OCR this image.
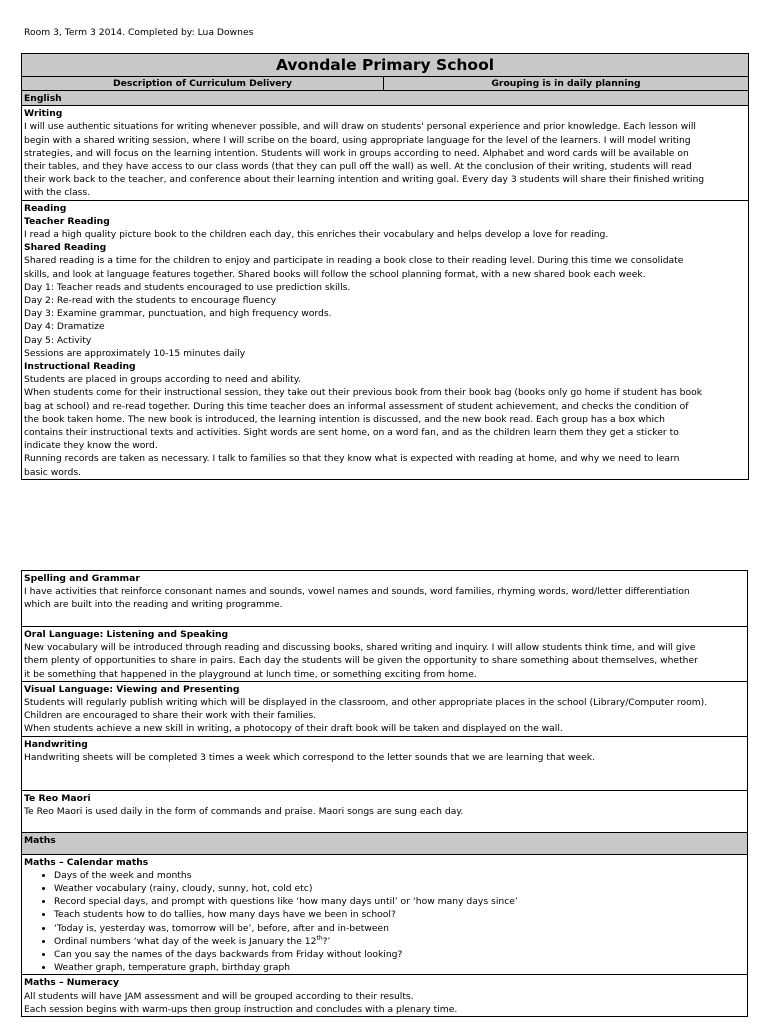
Room 3, Term 3 2014. Completed by: Lua Downes
Avondale Primary School
Description of Curriculum Delivery	Grouping is in daily planning
English

Writing
I will use authentic situations for writing whenever possible, and will draw on students' personal experience and prior knowledge. Each lesson will
begin with a shared writing session, where I will scribe on the board, using appropriate language for the level of the learners. I will model writing
strategies, and will focus on the learning intention. Students will work in groups according to need. Alphabet and word cards will be available on
their tables, and they have access to our class words (that they can pull off the wall) as well. At the conclusion of their writing, students will read
their work back to the teacher, and conference about their learning intention and writing goal. Every day 3 students will share their finished writing
with the class.

Reading
Teacher Reading
I read a high quality picture book to the children each day, this enriches their vocabulary and helps develop a love for reading.
Shared Reading
Shared reading is a time for the children to enjoy and participate in reading a book close to their reading level. During this time we consolidate
skills, and look at language features together. Shared books will follow the school planning format, with a new shared book each week.
Day 1: Teacher reads and students encouraged to use prediction skills.
Day 2: Re-read with the students to encourage fluency
Day 3: Examine grammar, punctuation, and high frequency words.
Day 4: Dramatize
Day 5: Activity
Sessions are approximately 10-15 minutes daily
Instructional Reading
Students are placed in groups according to need and ability.
When students come for their instructional session, they take out their previous book from their book bag (books only go home if student has book
bag at school) and re-read together. During this time teacher does an informal assessment of student achievement, and checks the condition of
the book taken home. The new book is introduced, the learning intention is discussed, and the new book read. Each group has a box which
contains their instructional texts and activities. Sight words are sent home, on a word fan, and as the children learn them they get a sticker to
indicate they know the word.
Running records are taken as necessary. I talk to families so that they know what is expected with reading at home, and why we need to learn
basic words.
Spelling and Grammar
I have activities that reinforce consonant names and sounds, vowel names and sounds, word families, rhyming words, word/letter differentiation
which are built into the reading and writing programme.

Oral Language: Listening and Speaking
New vocabulary will be introduced through reading and discussing books, shared writing and inquiry. I will allow students think time, and will give
them plenty of opportunities to share in pairs. Each day the students will be given the opportunity to share something about themselves, whether
it be something that happened in the playground at lunch time, or something exciting from home.

Visual Language: Viewing and Presenting
Students will regularly publish writing which will be displayed in the classroom, and other appropriate places in the school (Library/Computer room).
Children are encouraged to share their work with their families.
When students achieve a new skill in writing, a photocopy of their draft book will be taken and displayed on the wall.

Handwriting
Handwriting sheets will be completed 3 times a week which correspond to the letter sounds that we are learning that week.

Te Reo Maori
Te Reo Maori is used daily in the form of commands and praise. Maori songs are sung each day.

Maths

Maths – Calendar maths
• Days of the week and months
• Weather vocabulary (rainy, cloudy, sunny, hot, cold etc)
• Record special days, and prompt with questions like ‘how many days until’ or ‘how many days since’
• Teach students how to do tallies, how many days have we been in school?
• ‘Today is, yesterday was, tomorrow will be’, before, after and in-between
• Ordinal numbers ‘what day of the week is January the 12th?’
• Can you say the names of the days backwards from Friday without looking?
• Weather graph, temperature graph, birthday graph

Maths – Numeracy
All students will have JAM assessment and will be grouped according to their results.
Each session begins with warm-ups then group instruction and concludes with a plenary time.
